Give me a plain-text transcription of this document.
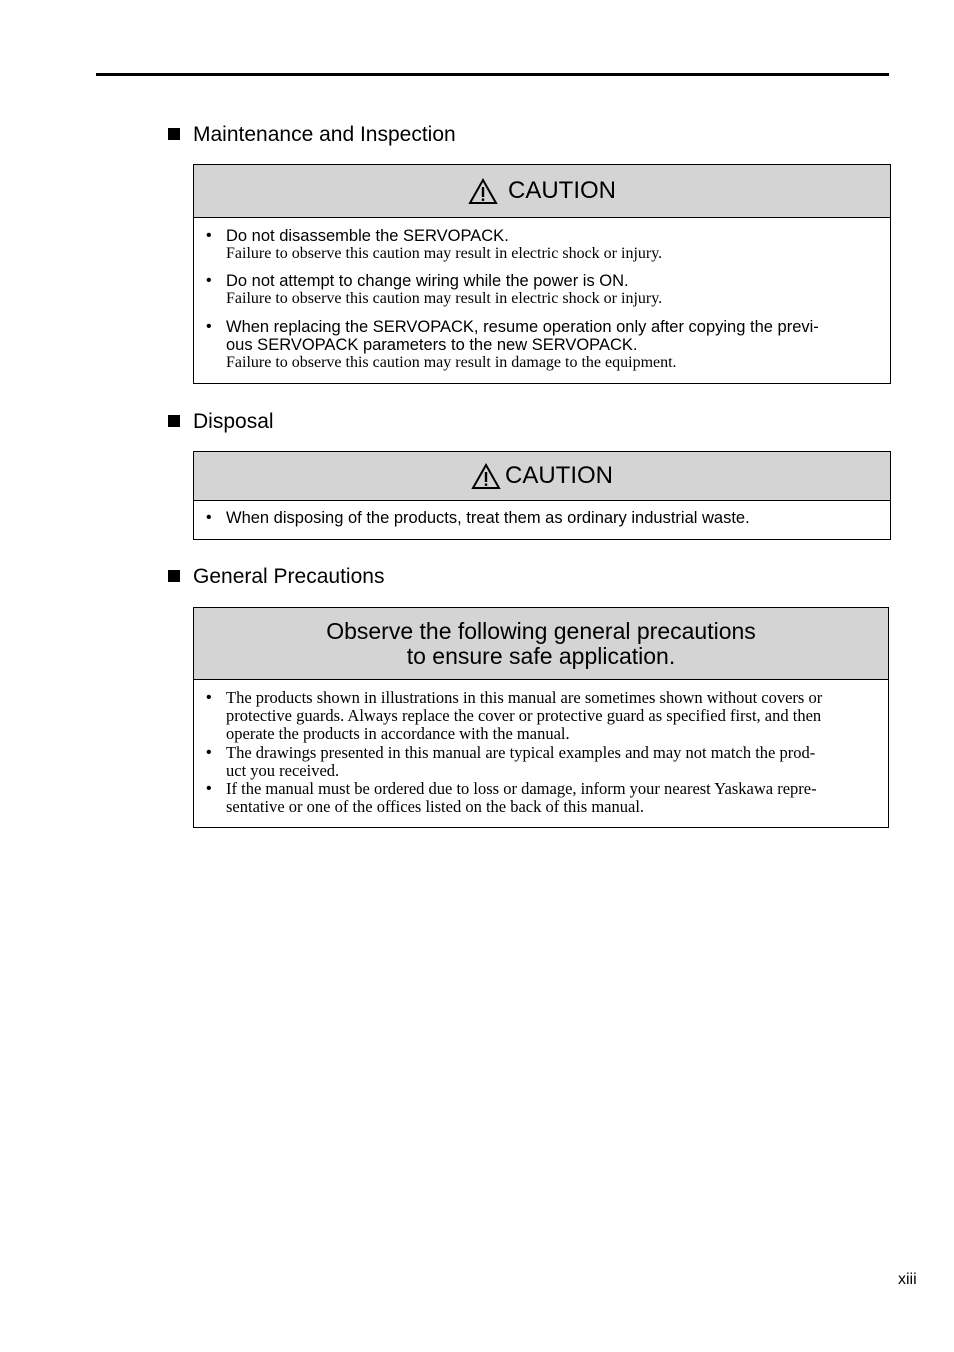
Maintenance and Inspection
CAUTION
• Do not disassemble the SERVOPACK.
Failure to observe this caution may result in electric shock or injury.
• Do not attempt to change wiring while the power is ON.
Failure to observe this caution may result in electric shock or injury.
• When replacing the SERVOPACK, resume operation only after copying the previ-
ous SERVOPACK parameters to the new SERVOPACK.
Failure to observe this caution may result in damage to the equipment.
Disposal
CAUTION
• When disposing of the products, treat them as ordinary industrial waste.
General Precautions
Observe the following general precautions
to ensure safe application.
• The products shown in illustrations in this manual are sometimes shown without covers or
protective guards. Always replace the cover or protective guard as specified first, and then
operate the products in accordance with the manual.
• The drawings presented in this manual are typical examples and may not match the prod-
uct you received.
• If the manual must be ordered due to loss or damage, inform your nearest Yaskawa repre-
sentative or one of the offices listed on the back of this manual.
xiii
